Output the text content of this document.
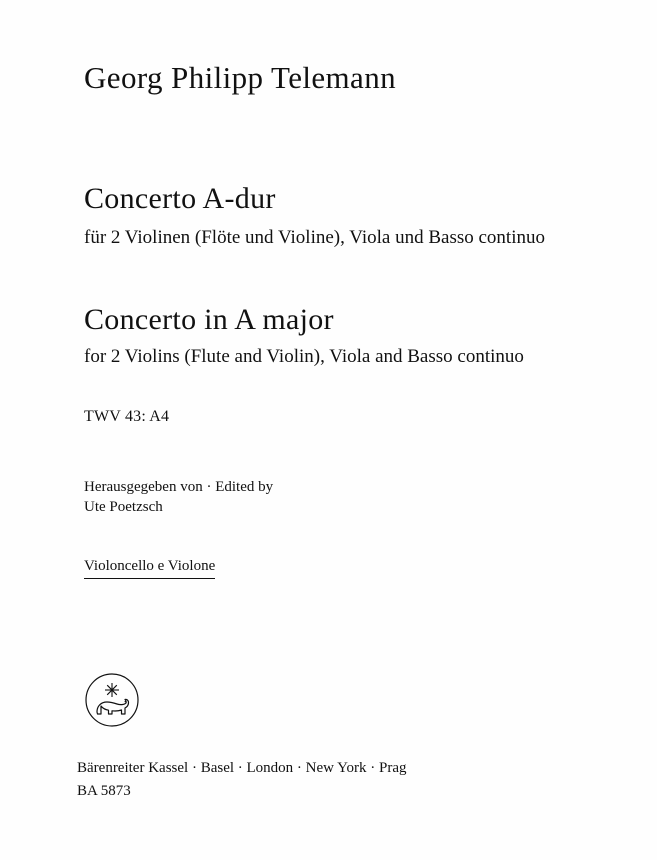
Georg Philipp Telemann
Concerto A-dur
für 2 Violinen (Flöte und Violine), Viola und Basso continuo
Concerto in A major
for 2 Violins (Flute and Violin), Viola and Basso continuo
TWV 43: A4
Herausgegeben von · Edited by
Ute Poetzsch
Violoncello e Violone
Bärenreiter Kassel · Basel · London · New York · Prag
BA 5873
